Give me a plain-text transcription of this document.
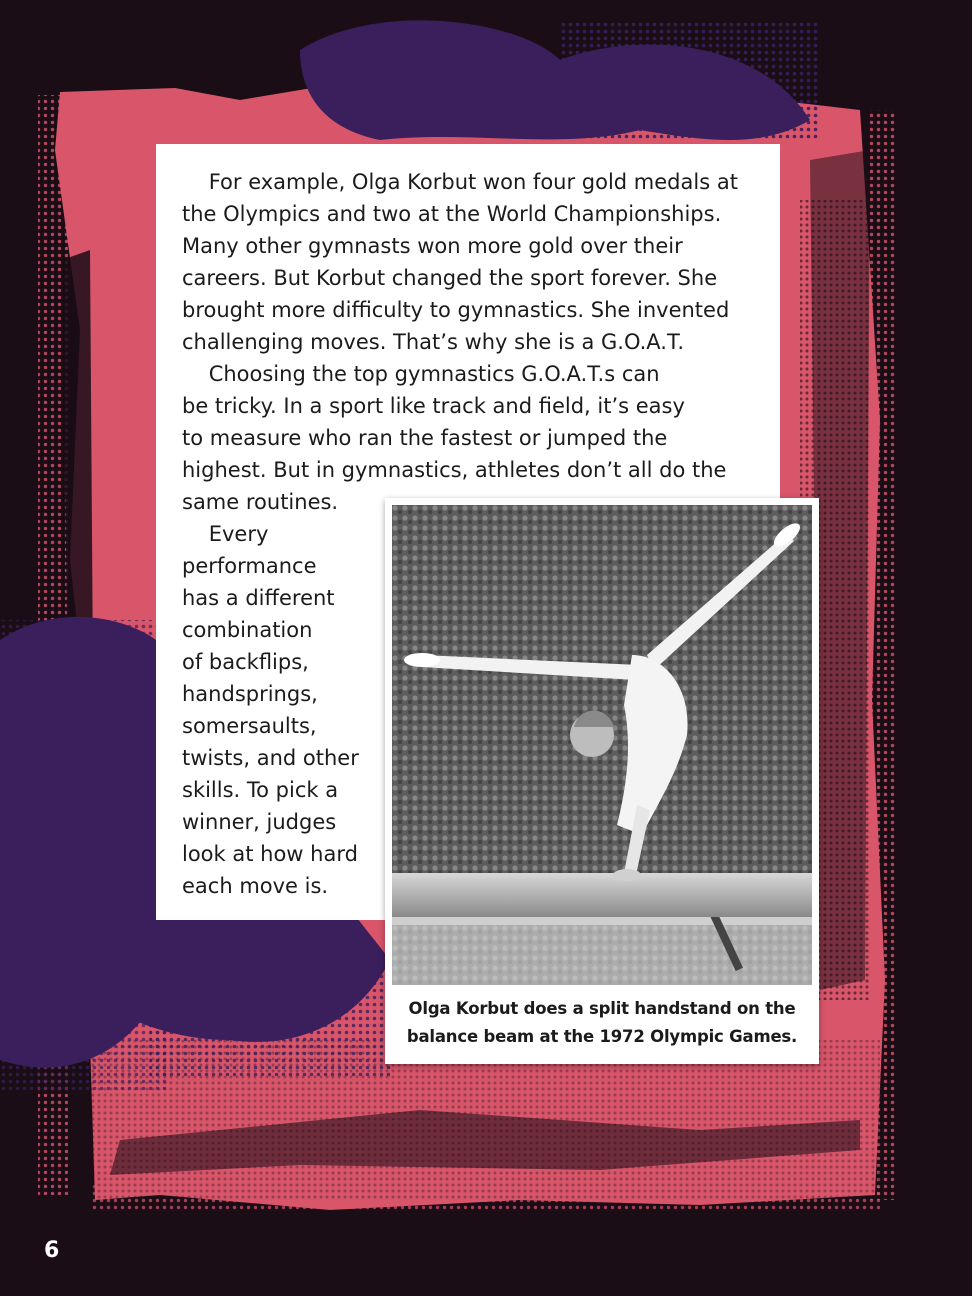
For example, Olga Korbut won four gold medals at
the Olympics and two at the World Championships.
Many other gymnasts won more gold over their
careers. But Korbut changed the sport forever. She
brought more difficulty to gymnastics. She invented
challenging moves. That’s why she is a G.O.A.T.

Choosing the top gymnastics G.O.A.T.s can
be tricky. In a sport like track and field, it’s easy
to measure who ran the fastest or jumped the
highest. But in gymnastics, athletes don’t all do the
same routines.

Every
performance
has a different
combination
of backflips,
handsprings,
somersaults,
twists, and other
skills. To pick a
winner, judges
look at how hard
each move is.

Olga Korbut does a split handstand on the
balance beam at the 1972 Olympic Games.
6
